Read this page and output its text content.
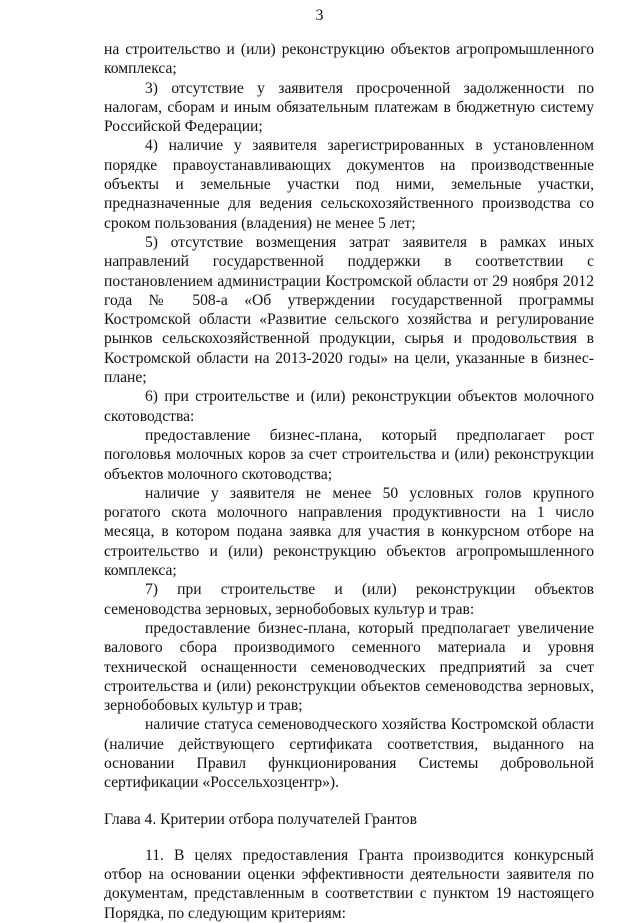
3

на строительство и (или) реконструкцию объектов агропромышленного комплекса;

3) отсутствие у заявителя просроченной задолженности по налогам, сборам и иным обязательным платежам в бюджетную систему Российской Федерации;

4) наличие у заявителя зарегистрированных в установленном порядке правоустанавливающих документов на производственные объекты и земельные участки под ними, земельные участки, предназначенные для ведения сельскохозяйственного производства со сроком пользования (владения) не менее 5 лет;

5) отсутствие возмещения затрат заявителя в рамках иных направлений государственной поддержки в соответствии с постановлением администрации Костромской области от 29 ноября 2012 года № 508-а «Об утверждении государственной программы Костромской области «Развитие сельского хозяйства и регулирование рынков сельскохозяйственной продукции, сырья и продовольствия в Костромской области на 2013-2020 годы» на цели, указанные в бизнес-плане;

6) при строительстве и (или) реконструкции объектов молочного скотоводства:

предоставление бизнес-плана, который предполагает рост поголовья молочных коров за счет строительства и (или) реконструкции объектов молочного скотоводства;

наличие у заявителя не менее 50 условных голов крупного рогатого скота молочного направления продуктивности на 1 число месяца, в котором подана заявка для участия в конкурсном отборе на строительство и (или) реконструкцию объектов агропромышленного комплекса;

7) при строительстве и (или) реконструкции объектов семеноводства зерновых, зернобобовых культур и трав:

предоставление бизнес-плана, который предполагает увеличение валового сбора производимого семенного материала и уровня технической оснащенности семеноводческих предприятий за счет строительства и (или) реконструкции объектов семеноводства зерновых, зернобобовых культур и трав;

наличие статуса семеноводческого хозяйства Костромской области (наличие действующего сертификата соответствия, выданного на основании Правил функционирования Системы добровольной сертификации «Россельхозцентр»).

Глава 4. Критерии отбора получателей Грантов

11. В целях предоставления Гранта производится конкурсный отбор на основании оценки эффективности деятельности заявителя по документам, представленным в соответствии с пунктом 19 настоящего Порядка, по следующим критериям:
